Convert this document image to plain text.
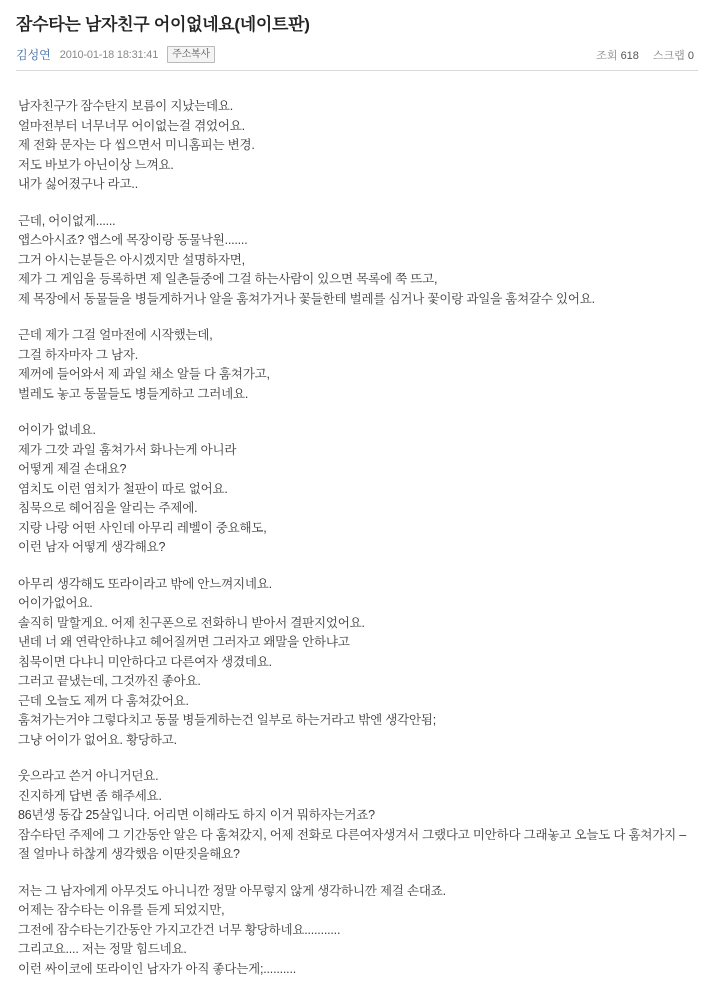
잠수타는 남자친구 어이없네요(네이트판)
김성연 2010-01-18 18:31:41	주소복사	조회 618 스크랩 0
남자친구가 잠수탄지 보름이 지났는데요.
얼마전부터 너무너무 어이없는걸 겪었어요.
제 전화 문자는 다 씹으면서 미니홈피는 변경.
저도 바보가 아닌이상 느껴요.
내가 싫어졌구나 라고..
근데, 어이없게......
앱스아시죠? 앱스에 목장이랑 동물낙원.......
그거 아시는분들은 아시겠지만 설명하자면,
제가 그 게임을 등록하면 제 일촌들중에 그걸 하는사람이 있으면 목록에 쭉 뜨고,
제 목장에서 동물들을 병들게하거나 알을 훔쳐가거나 꽃들한테 벌레를 심거나 꽃이랑 과일을 훔쳐갈수 있어요.
근데 제가 그걸 얼마전에 시작했는데,
그걸 하자마자 그 남자.
제꺼에 들어와서 제 과일 채소 알들 다 훔쳐가고,
벌레도 놓고 동물들도 병들게하고 그러네요.
어이가 없네요.
제가 그깟 과일 훔쳐가서 화나는게 아니라
어떻게 제걸 손대요?
염치도 이런 염치가 철판이 따로 없어요.
침묵으로 헤어짐을 알리는 주제에.
지랑 나랑 어떤 사인데 아무리 레벨이 중요해도,
이런 남자 어떻게 생각해요?
아무리 생각해도 또라이라고 밖에 안느껴지네요.
어이가없어요.
솔직히 말할게요. 어제 친구폰으로 전화하니 받아서 결판지었어요.
낸데 너 왜 연락안하냐고 헤어질꺼면 그러자고 왜말을 안하냐고
침묵이면 다냐니 미안하다고 다른여자 생겼데요.
그러고 끝냈는데, 그것까진 좋아요.
근데 오늘도 제꺼 다 훔쳐갔어요.
훔쳐가는거야 그렇다치고 동물 병들게하는건 일부로 하는거라고 밖엔 생각안됨;
그냥 어이가 없어요. 황당하고.
웃으라고 쓴거 아니거던요.
진지하게 답변 좀 해주세요.
86년생 동갑 25살입니다. 어리면 이해라도 하지 이거 뭐하자는거죠?
잠수타던 주제에 그 기간동안 알은 다 훔쳐갔지, 어제 전화로 다른여자생겨서 그랬다고 미안하다 그래놓고 오늘도 다 훔쳐가지 –
절 얼마나 하찮게 생각했음 이딴짓을해요?
저는 그 남자에게 아무것도 아니니깐 정말 아무렇지 않게 생각하니깐 제걸 손대죠.
어제는 잠수타는 이유를 듣게 되었지만,
그전에 잠수타는기간동안 가지고간건 너무 황당하네요...........
그리고요.... 저는 정말 힘드네요.
이런 싸이코에 또라이인 남자가 아직 좋다는게;..........
